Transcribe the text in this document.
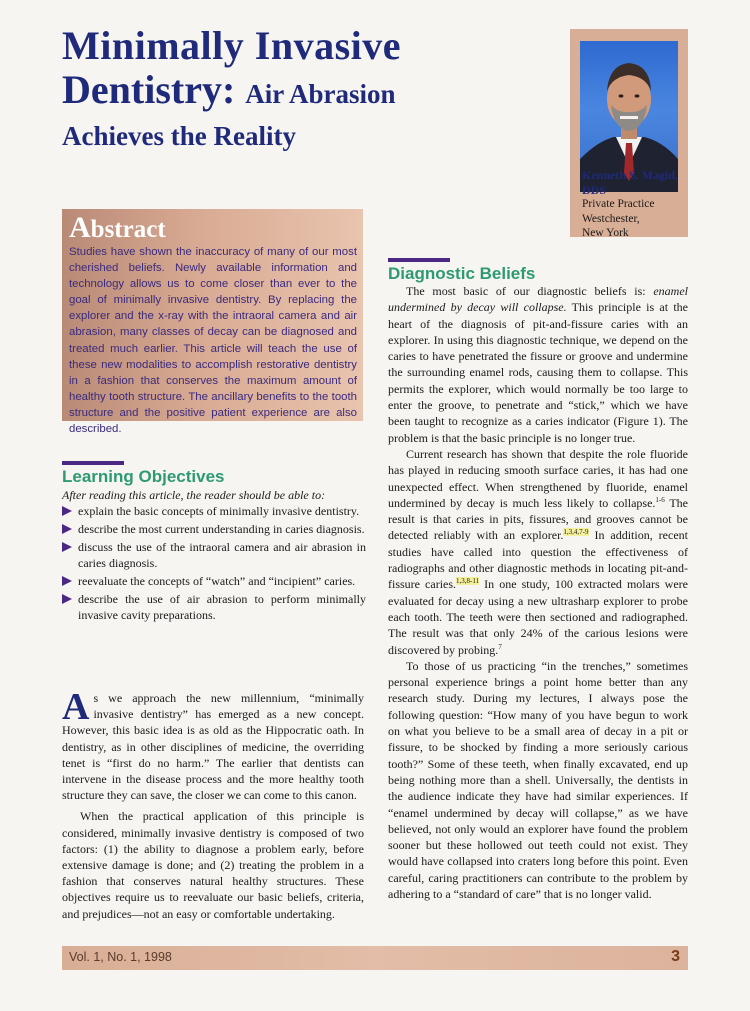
Minimally Invasive
Dentistry: Air Abrasion
Achieves the Reality
Kenneth S. Magid,
DDS
Private Practice
Westchester,
New York
Abstract
Studies have shown the inaccuracy of many of our most cherished beliefs. Newly available information and technology allows us to come closer than ever to the goal of minimally invasive dentistry. By replacing the explorer and the x-ray with the intraoral camera and air abrasion, many classes of decay can be diagnosed and treated much earlier. This article will teach the use of these new modalities to accomplish restorative dentistry in a fashion that conserves the maximum amount of healthy tooth structure. The ancillary benefits to the tooth structure and the positive patient experience are also described.
Learning Objectives
After reading this article, the reader should be able to:
explain the basic concepts of minimally invasive dentistry.
describe the most current understanding in caries diagnosis.
discuss the use of the intraoral camera and air abrasion in caries diagnosis.
reevaluate the concepts of “watch” and “incipient” caries.
describe the use of air abrasion to perform minimally invasive cavity preparations.

As we approach the new millennium, “minimally invasive dentistry” has emerged as a new concept. However, this basic idea is as old as the Hippocratic oath. In dentistry, as in other disciplines of medicine, the overriding tenet is “first do no harm.” The earlier that dentists can intervene in the disease process and the more healthy tooth structure they can save, the closer we can come to this canon.

When the practical application of this principle is considered, minimally invasive dentistry is composed of two factors: (1) the ability to diagnose a problem early, before extensive damage is done; and (2) treating the problem in a fashion that conserves natural healthy structures. These objectives require us to reevaluate our basic beliefs, criteria, and prejudices—not an easy or comfortable undertaking.

Diagnostic Beliefs

The most basic of our diagnostic beliefs is: enamel undermined by decay will collapse. This principle is at the heart of the diagnosis of pit-and-fissure caries with an explorer. In using this diagnostic technique, we depend on the caries to have penetrated the fissure or groove and undermine the surrounding enamel rods, causing them to collapse. This permits the explorer, which would normally be too large to enter the groove, to penetrate and “stick,” which we have been taught to recognize as a caries indicator (Figure 1). The problem is that the basic principle is no longer true.

Current research has shown that despite the role fluoride has played in reducing smooth surface caries, it has had one unexpected effect. When strengthened by fluoride, enamel undermined by decay is much less likely to collapse.$^{1-6}$ The result is that caries in pits, fissures, and grooves cannot be detected reliably with an explorer.$^{1,3,4,7-9}$ In addition, recent studies have called into question the effectiveness of radiographs and other diagnostic methods in locating pit-and-fissure caries.$^{1,3,8-11}$ In one study, 100 extracted molars were evaluated for decay using a new ultrasharp explorer to probe each tooth. The teeth were then sectioned and radiographed. The result was that only 24% of the carious lesions were discovered by probing.$^7$

To those of us practicing “in the trenches,” sometimes personal experience brings a point home better than any research study. During my lectures, I always pose the following question: “How many of you have begun to work on what you believe to be a small area of decay in a pit or fissure, to be shocked by finding a more seriously carious tooth?” Some of these teeth, when finally excavated, end up being nothing more than a shell. Universally, the dentists in the audience indicate they have had similar experiences. If “enamel undermined by decay will collapse,” as we have believed, not only would an explorer have found the problem sooner but these hollowed out teeth could not exist. They would have collapsed into craters long before this point. Even careful, caring practitioners can contribute to the problem by adhering to a “standard of care” that is no longer valid.

Vol. 1, No. 1, 1998	3
